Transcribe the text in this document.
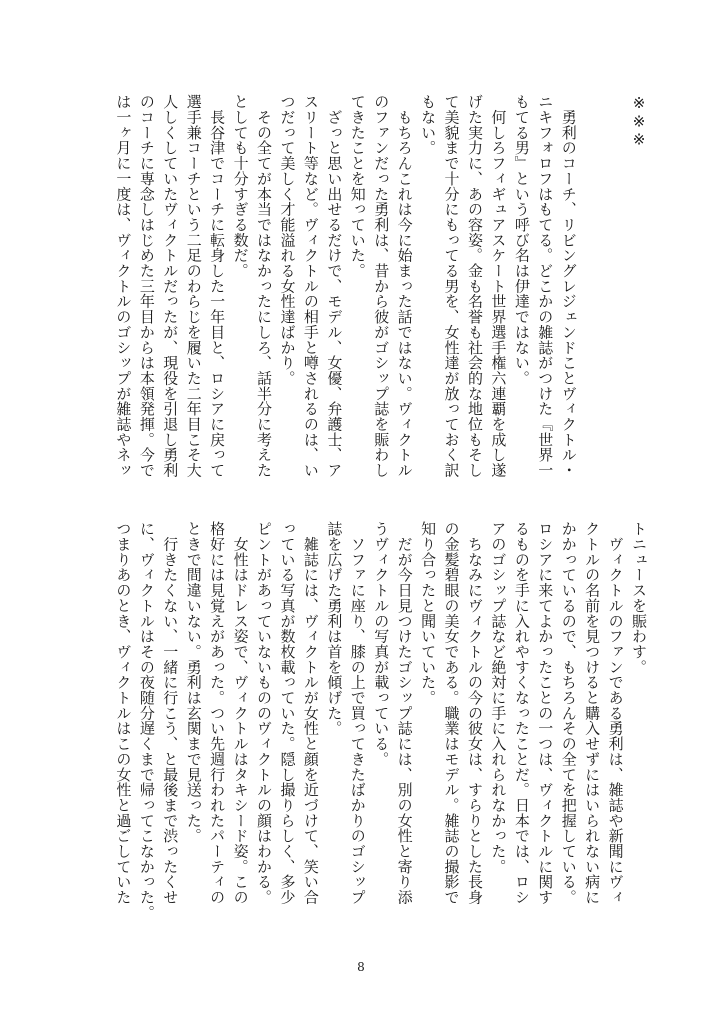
※※※
　勇利のコーチ、リビングレジェンドことヴィクトル・
ニキフォロフはもてる。どこかの雑誌がつけた『世界一
もてる男』という呼び名は伊達ではない。
　何しろフィギュアスケート世界選手権六連覇を成し遂
げた実力に、あの容姿。金も名誉も社会的な地位もそし
て美貌まで十分にもってる男を、女性達が放っておく訳
もない。
　もちろんこれは今に始まった話ではない。ヴィクトル
のファンだった勇利は、昔から彼がゴシップ誌を賑わし
てきたことを知っていた。
　ざっと思い出せるだけで、モデル、女優、弁護士、ア
スリート等など。ヴィクトルの相手と噂されるのは、い
つだって美しく才能溢れる女性達ばかり。
　その全てが本当ではなかったにしろ、話半分に考えた
としても十分すぎる数だ。
　長谷津でコーチに転身した一年目と、ロシアに戻って
選手兼コーチという二足のわらじを履いた二年目こそ大
人しくしていたヴィクトルだったが、現役を引退し勇利
のコーチに専念しはじめた三年目からは本領発揮。今で
は一ヶ月に一度は、ヴィクトルのゴシップが雑誌やネッ
トニュースを賑わす。
　ヴィクトルのファンである勇利は、雑誌や新聞にヴィ
クトルの名前を見つけると購入せずにはいられない病に
かかっているので、もちろんその全てを把握している。
ロシアに来てよかったことの一つは、ヴィクトルに関す
るものを手に入れやすくなったことだ。日本では、ロシ
アのゴシップ誌など絶対に手に入れられなかった。
　ちなみにヴィクトルの今の彼女は、すらりとした長身
の金髪碧眼の美女である。職業はモデル。雑誌の撮影で
知り合ったと聞いていた。
　だが今日見つけたゴシップ誌には、別の女性と寄り添
うヴィクトルの写真が載っている。
　ソファに座り、膝の上で買ってきたばかりのゴシップ
誌を広げた勇利は首を傾げた。
　雑誌には、ヴィクトルが女性と顔を近づけて、笑い合
っている写真が数枚載っていた。隠し撮りらしく、多少
ピントがあっていないもののヴィクトルの顔はわかる。
　女性はドレス姿で、ヴィクトルはタキシード姿。この
格好には見覚えがあった。つい先週行われたパーティの
ときで間違いない。勇利は玄関まで見送った。
　行きたくない、一緒に行こう、と最後まで渋ったくせ
に、ヴィクトルはその夜随分遅くまで帰ってこなかった。
つまりあのとき、ヴィクトルはこの女性と過ごしていた
8
